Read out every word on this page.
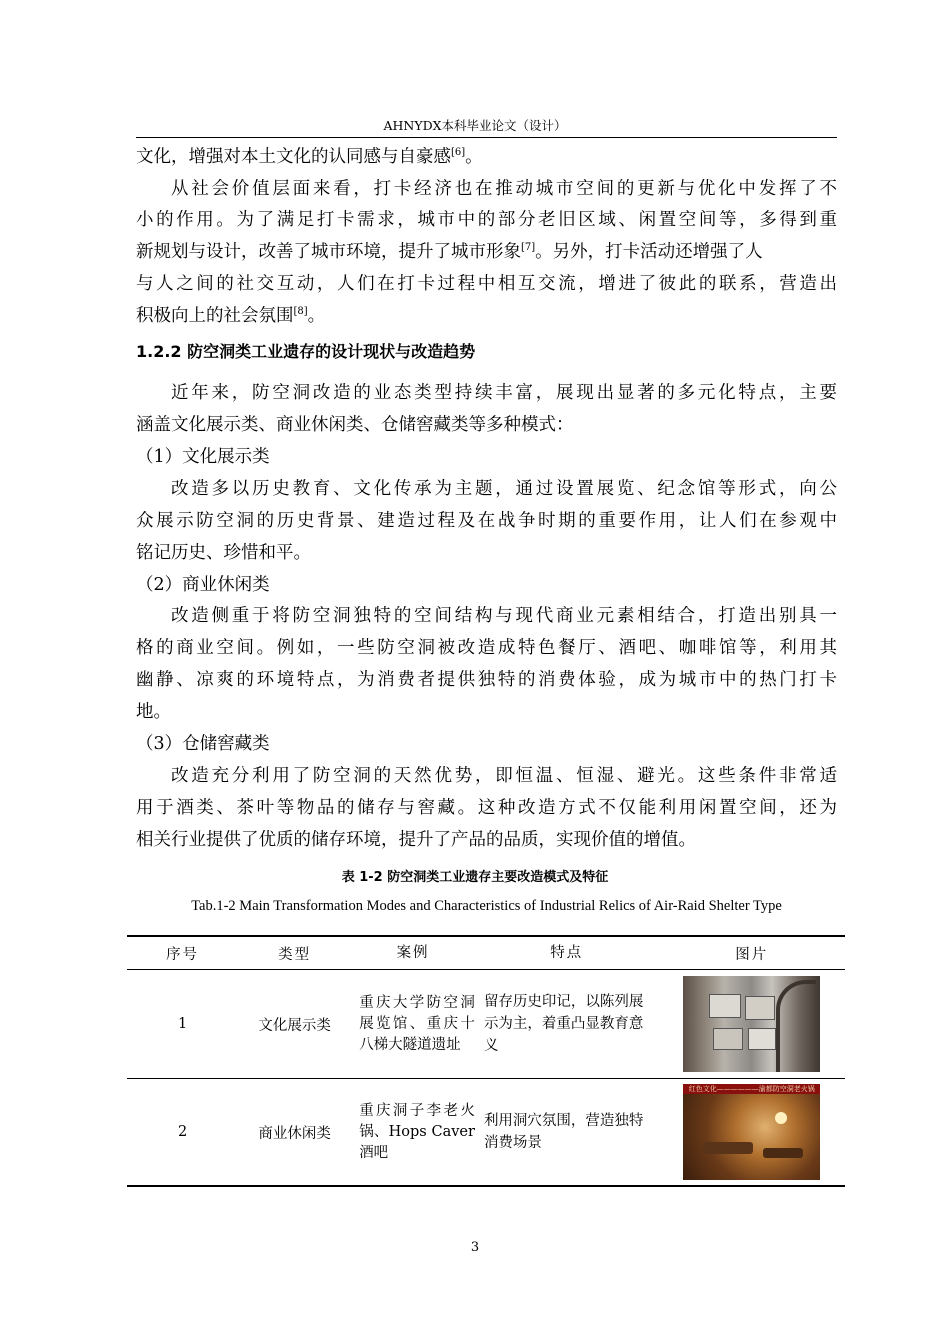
AHNYDX本科毕业论文（设计）
文化，增强对本土文化的认同感与自豪感[6]。
从社会价值层面来看，打卡经济也在推动城市空间的更新与优化中发挥了不
小的作用。为了满足打卡需求，城市中的部分老旧区域、闲置空间等，多得到重
新规划与设计，改善了城市环境，提升了城市形象[7]。另外，打卡活动还增强了人
与人之间的社交互动，人们在打卡过程中相互交流，增进了彼此的联系，营造出
积极向上的社会氛围[8]。
1.2.2 防空洞类工业遗存的设计现状与改造趋势
近年来，防空洞改造的业态类型持续丰富，展现出显著的多元化特点，主要
涵盖文化展示类、商业休闲类、仓储窖藏类等多种模式：
（1）文化展示类
改造多以历史教育、文化传承为主题，通过设置展览、纪念馆等形式，向公
众展示防空洞的历史背景、建造过程及在战争时期的重要作用，让人们在参观中
铭记历史、珍惜和平。
（2）商业休闲类
改造侧重于将防空洞独特的空间结构与现代商业元素相结合，打造出别具一
格的商业空间。例如，一些防空洞被改造成特色餐厅、酒吧、咖啡馆等，利用其
幽静、凉爽的环境特点，为消费者提供独特的消费体验，成为城市中的热门打卡
地。
（3）仓储窖藏类
改造充分利用了防空洞的天然优势，即恒温、恒湿、避光。这些条件非常适
用于酒类、茶叶等物品的储存与窖藏。这种改造方式不仅能利用闲置空间，还为
相关行业提供了优质的储存环境，提升了产品的品质，实现价值的增值。
表 1-2 防空洞类工业遗存主要改造模式及特征
Tab.1-2 Main Transformation Modes and Characteristics of Industrial Relics of Air-Raid Shelter Type
序号	类型	案例	特点	图片
1	文化展示类	重庆大学防空洞展览馆、重庆十八梯大隧道遗址	留存历史印记，以陈列展示为主，着重凸显教育意义	

2	商业休闲类	重庆洞子李老火锅、Hops Caver 酒吧	利用洞穴氛围，营造独特消费场景	红色文化——————渝都防空洞老火锅
3
